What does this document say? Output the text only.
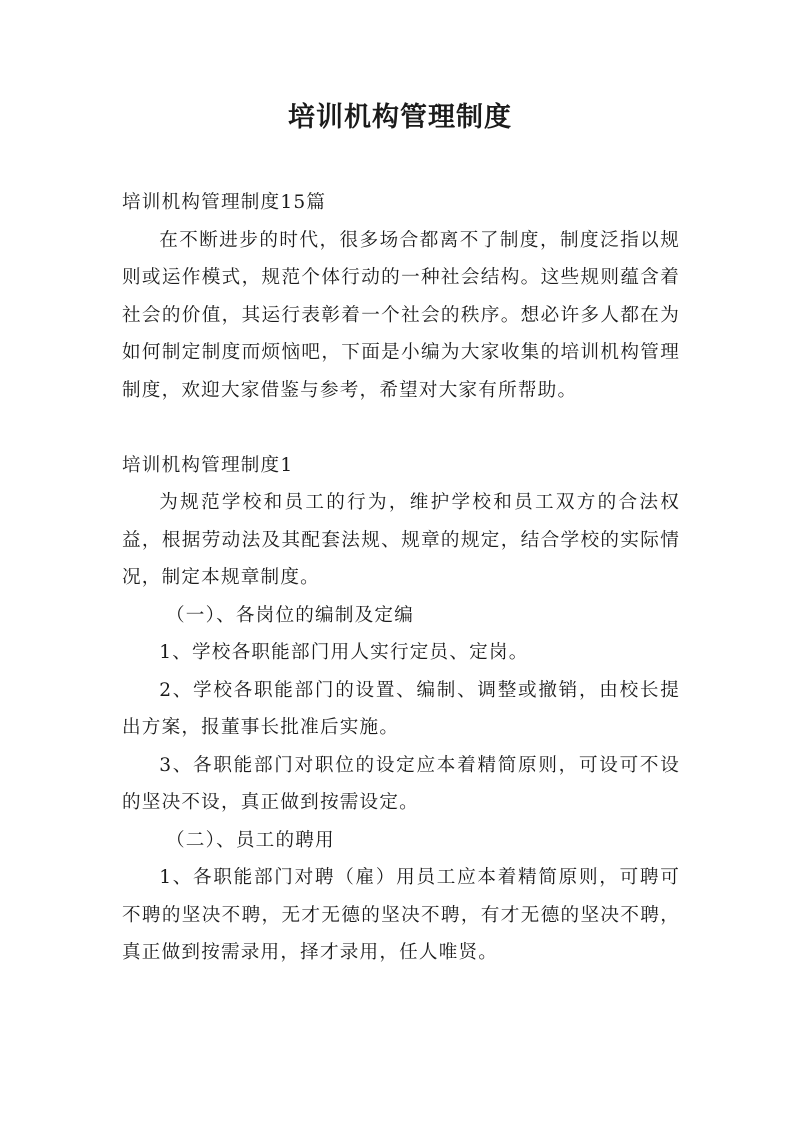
培训机构管理制度

培训机构管理制度15篇

在不断进步的时代，很多场合都离不了制度，制度泛指以规则或运作模式，规范个体行动的一种社会结构。这些规则蕴含着社会的价值，其运行表彰着一个社会的秩序。想必许多人都在为如何制定制度而烦恼吧，下面是小编为大家收集的培训机构管理制度，欢迎大家借鉴与参考，希望对大家有所帮助。

培训机构管理制度1

为规范学校和员工的行为，维护学校和员工双方的合法权益，根据劳动法及其配套法规、规章的规定，结合学校的实际情况，制定本规章制度。

（一）、各岗位的编制及定编

1、学校各职能部门用人实行定员、定岗。

2、学校各职能部门的设置、编制、调整或撤销，由校长提出方案，报董事长批准后实施。

3、各职能部门对职位的设定应本着精简原则，可设可不设的坚决不设，真正做到按需设定。

（二）、员工的聘用

1、各职能部门对聘（雇）用员工应本着精简原则，可聘可不聘的坚决不聘，无才无德的坚决不聘，有才无德的坚决不聘，真正做到按需录用，择才录用，任人唯贤。
